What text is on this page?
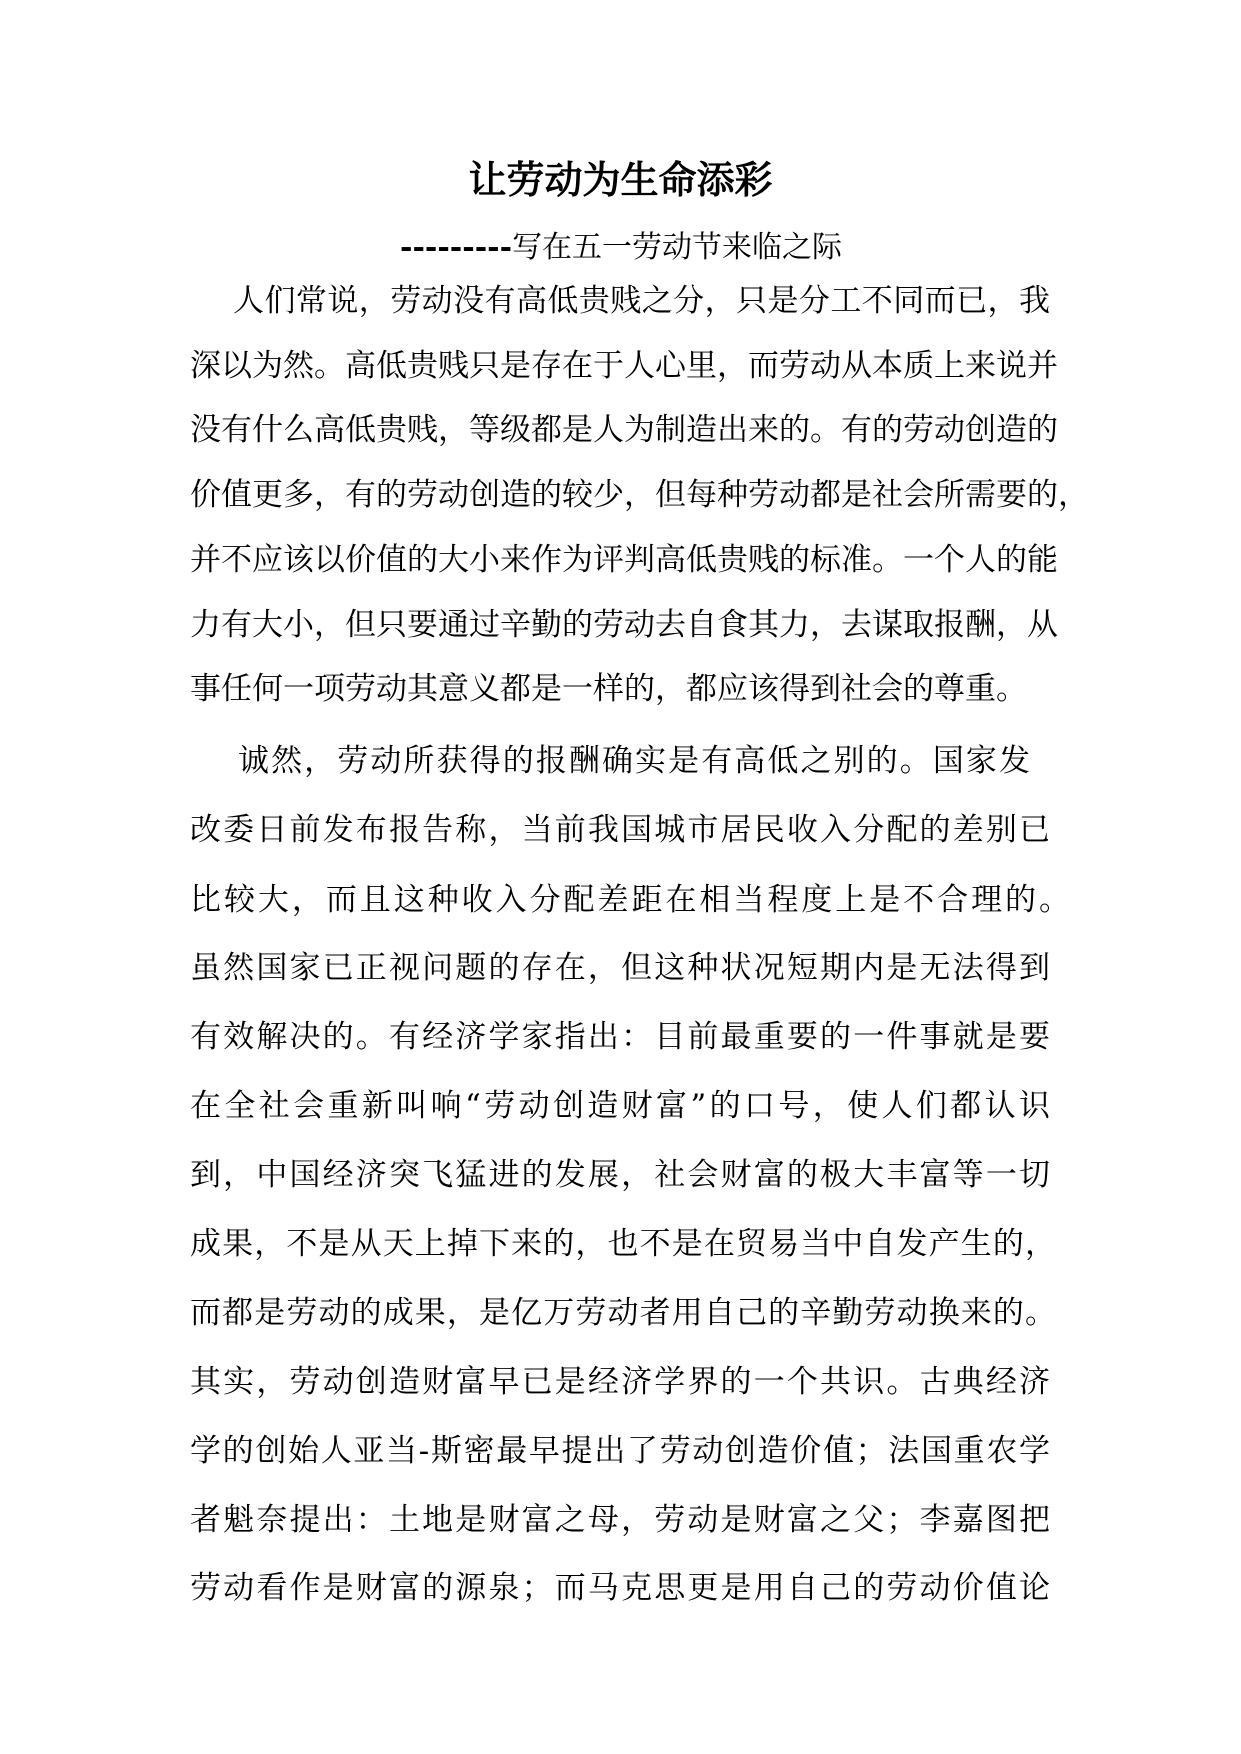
让劳动为生命添彩
---------写在五一劳动节来临之际
人们常说，劳动没有高低贵贱之分，只是分工不同而已，我
深以为然。高低贵贱只是存在于人心里，而劳动从本质上来说并
没有什么高低贵贱，等级都是人为制造出来的。有的劳动创造的
价值更多，有的劳动创造的较少，但每种劳动都是社会所需要的，
并不应该以价值的大小来作为评判高低贵贱的标准。一个人的能
力有大小，但只要通过辛勤的劳动去自食其力，去谋取报酬，从
事任何一项劳动其意义都是一样的，都应该得到社会的尊重。
诚然，劳动所获得的报酬确实是有高低之别的。国家发
改委日前发布报告称，当前我国城市居民收入分配的差别已
比较大，而且这种收入分配差距在相当程度上是不合理的。
虽然国家已正视问题的存在，但这种状况短期内是无法得到
有效解决的。有经济学家指出：目前最重要的一件事就是要
在全社会重新叫响“劳动创造财富”的口号，使人们都认识
到，中国经济突飞猛进的发展，社会财富的极大丰富等一切
成果，不是从天上掉下来的，也不是在贸易当中自发产生的，
而都是劳动的成果，是亿万劳动者用自己的辛勤劳动换来的。
其实，劳动创造财富早已是经济学界的一个共识。古典经济
学的创始人亚当-斯密最早提出了劳动创造价值；法国重农学
者魁奈提出：土地是财富之母，劳动是财富之父；李嘉图把
劳动看作是财富的源泉；而马克思更是用自己的劳动价值论
